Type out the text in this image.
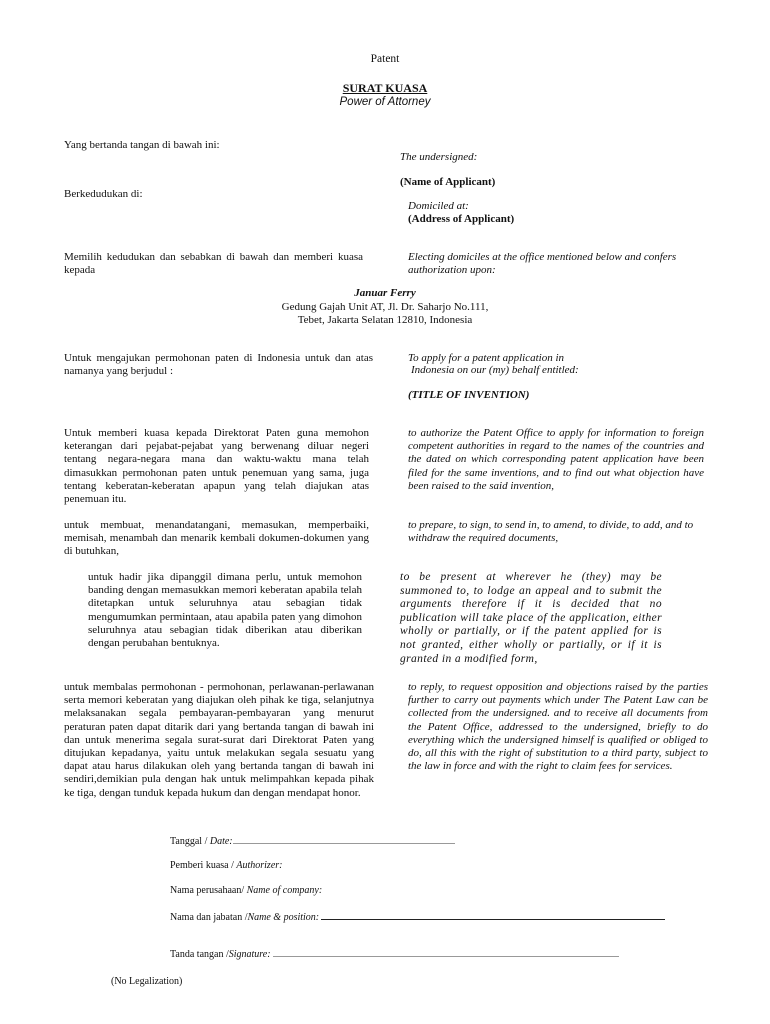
Patent
SURAT KUASA
Power of Attorney
Yang bertanda tangan di bawah ini:
The undersigned:
(Name of Applicant)
Berkedudukan di:
Domiciled at:
(Address of Applicant)
Memilih kedudukan dan sebabkan di bawah dan memberi kuasa kepada
Electing domiciles at the office mentioned below and confers authorization upon:
Januar Ferry
Gedung Gajah Unit AT, Jl. Dr. Saharjo No.111,
Tebet, Jakarta Selatan 12810, Indonesia
Untuk mengajukan permohonan paten di Indonesia untuk dan atas namanya yang berjudul :
To apply for a patent application in
Indonesia on our (my) behalf entitled:
(TITLE OF INVENTION)
Untuk memberi kuasa kepada Direktorat Paten guna memohon keterangan dari pejabat-pejabat yang berwenang diluar negeri tentang negara-negara mana dan waktu-waktu mana telah dimasukkan permohonan paten untuk penemuan yang sama, juga tentang keberatan-keberatan apapun yang telah diajukan atas penemuan itu.
to authorize the Patent Office to apply for information to foreign competent authorities in regard to the names of the countries and the dated on which corresponding patent application have been filed for the same inventions, and to find out what objection have been raised to the said invention,
untuk membuat, menandatangani, memasukan, memperbaiki, memisah, menambah dan menarik kembali dokumen-dokumen yang di butuhkan,
to prepare, to sign, to send in, to amend, to divide, to add, and to withdraw the required documents,
untuk hadir jika dipanggil dimana perlu, untuk memohon banding dengan memasukkan memori keberatan apabila telah ditetapkan untuk seluruhnya atau sebagian tidak mengumumkan permintaan, atau apabila paten yang dimohon seluruhnya atau sebagian tidak diberikan atau diberikan dengan perubahan bentuknya.
to be present at wherever he (they) may be summoned to, to lodge an appeal and to submit the arguments therefore if it is decided that no publication will take place of the application, either wholly or partially, or if the patent applied for is not granted, either wholly or partially, or if it is granted in a modified form,
untuk membalas permohonan - permohonan, perlawanan-perlawanan serta memori keberatan yang diajukan oleh pihak ke tiga, selanjutnya melaksanakan segala pembayaran-pembayaran yang menurut peraturan paten dapat ditarik dari yang bertanda tangan di bawah ini dan untuk menerima segala surat-surat dari Direktorat Paten yang ditujukan kepadanya, yaitu untuk melakukan segala sesuatu yang dapat atau harus dilakukan oleh yang bertanda tangan di bawah ini sendiri,demikian pula dengan hak untuk melimpahkan kepada pihak ke tiga, dengan tunduk kepada hukum dan dengan mendapat honor.
to reply, to request opposition and objections raised by the parties further to carry out payments which under The Patent Law can be collected from the undersigned. and to receive all documents from the Patent Office, addressed to the undersigned, briefly to do everything which the undersigned himself is qualified or obliged to do, all this with the right of substitution to a third party, subject to the law in force and with the right to claim fees for services.
Tanggal / Date:
Pemberi kuasa / Authorizer:
Nama perusahaan/ Name of company:
Nama dan jabatan /Name & position:
Tanda tangan /Signature:
(No Legalization)
